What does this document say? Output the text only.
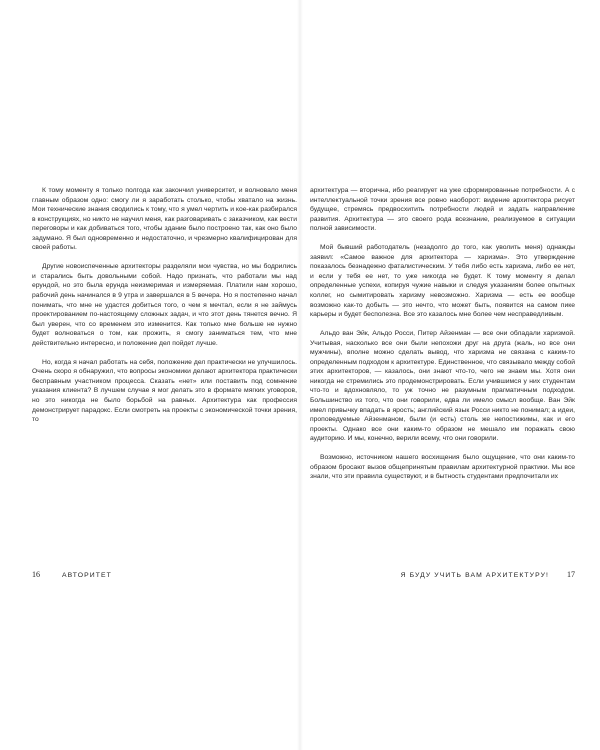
К тому моменту я только полгода как закончил университет, и волновало меня главным образом одно: смогу ли я заработать столько, чтобы хватало на жизнь. Мои технические знания сводились к тому, что я умел чертить и кое-как разбирался в конструкциях, но никто не научил меня, как разговаривать с заказчиком, как вести переговоры и как добиваться того, чтобы здание было построено так, как оно было задумано. Я был одновременно и недостаточно, и чрезмерно квалифицирован для своей работы.

Другие новоиспеченные архитекторы разделяли мои чувства, но мы бодрились и старались быть довольными собой. Надо признать, что работали мы над ерундой, но это была ерунда неизмеримая и измеряемая. Платили нам хорошо, рабочий день начинался в 9 утра и завершался в 5 вечера. Но я постепенно начал понимать, что мне не удастся добиться того, о чем я мечтал, если я не займусь проектированием по-настоящему сложных задач, и что этот день тянется вечно. Я был уверен, что со временем это изменится. Как только мне больше не нужно будет волноваться о том, как прожить, я смогу заниматься тем, что мне действительно интересно, и положение дел пойдет лучше.

Но, когда я начал работать на себя, положение дел практически не улучшилось. Очень скоро я обнаружил, что вопросы экономики делают архитектора практически бесправным участником процесса. Сказать «нет» или поставить под сомнение указания клиента? В лучшем случае я мог делать это в формате мягких уговоров, но это никогда не было борьбой на равных. Архитектура как профессия демонстрирует парадокс. Если смотреть на проекты с экономической точки зрения, то

16	АВТОРИТЕТ

архитектура — вторична, ибо реагирует на уже сформированные потребности. А с интеллектуальной точки зрения все ровно наоборот: видение архитектора рисует будущее, стремясь предвосхитить потребности людей и задать направление развития. Архитектура — это своего рода всезнание, реализуемое в ситуации полной зависимости.

Мой бывший работодатель (незадолго до того, как уволить меня) однажды заявил: «Самое важное для архитектора — харизма». Это утверждение показалось безнадежно фаталистическим. У тебя либо есть харизма, либо ее нет, и если у тебя ее нет, то уже никогда не будет. К тому моменту я делал определенные успехи, копируя чужие навыки и следуя указаниям более опытных коллег, но сымитировать харизму невозможно. Харизма — есть ее вообще возможно как-то добыть — это нечто, что может быть, появится на самом пике карьеры и будет бесполезна. Все это казалось мне более чем несправедливым.

Альдо ван Эйк, Альдо Росси, Питер Айзенман — все они обладали харизмой. Учитывая, насколько все они были непохожи друг на друга (жаль, но все они мужчины), вполне можно сделать вывод, что харизма не связана с каким-то определенным подходом к архитектуре. Единственное, что связывало между собой этих архитекторов, — казалось, они знают что-то, чего не знаем мы. Хотя они никогда не стремились это продемонстрировать. Если учившимся у них студентам что-то и вдохновляло, то уж точно не разумным прагматичным подходом. Большинство из того, что они говорили, едва ли имело смысл вообще. Ван Эйк имел привычку впадать в ярость; английский язык Росси никто не понимал; а идеи, проповедуемые Айзенманом, были (и есть) столь же непостижимы, как и его проекты. Однако все они каким-то образом не мешало им поражать свою аудиторию. И мы, конечно, верили всему, что они говорили.

Возможно, источником нашего восхищения было ощущение, что они каким-то образом бросают вызов общепринятым правилам архитектурной практики. Мы все знали, что эти правила существуют, и в бытность студентами предпочитали их

Я БУДУ УЧИТЬ ВАМ АРХИТЕКТУРУ! 17
